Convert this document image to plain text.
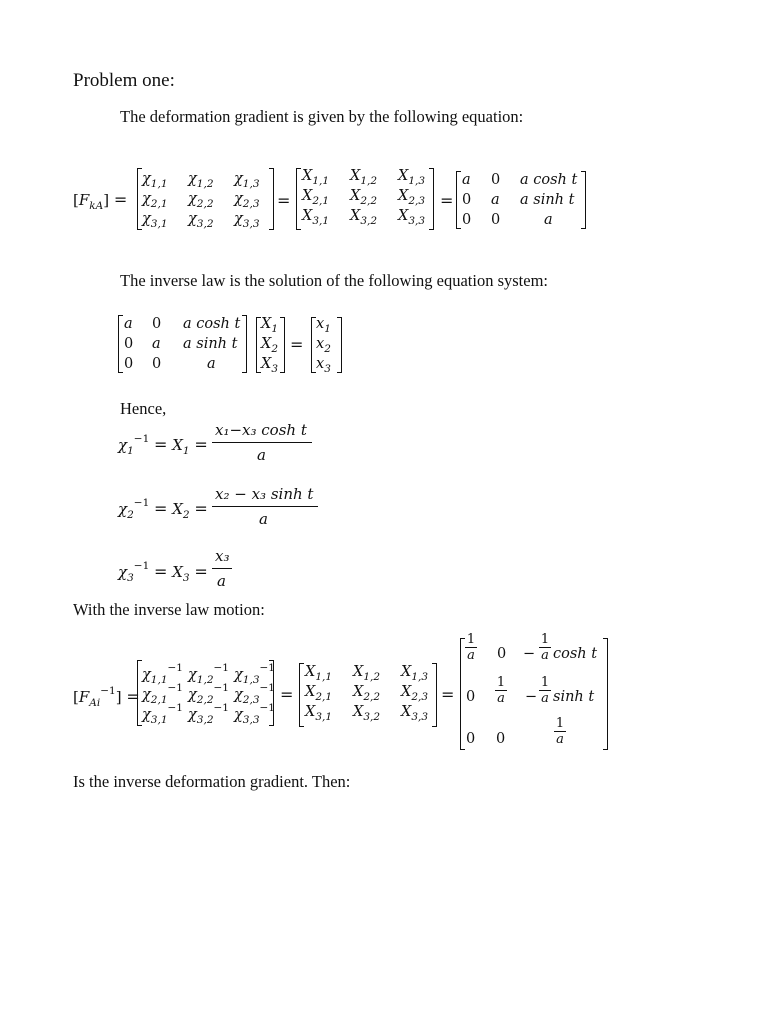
Problem one:
The deformation gradient is given by the following equation:
$[F_{kA}]$ =
$\chi_{1,1}$ $\chi_{1,2}$ $\chi_{1,3}$
$\chi_{2,1}$ $\chi_{2,2}$ $\chi_{2,3}$
$\chi_{3,1}$ $\chi_{3,2}$ $\chi_{3,3}$
=
$X_{1,1}$ $X_{1,2}$ $X_{1,3}$
$X_{2,1}$ $X_{2,2}$ $X_{2,3}$
$X_{3,1}$ $X_{3,2}$ $X_{3,3}$
=
a 0 a cosh t
0 a a sinh t
0 0	a
The inverse law is the solution of the following equation system:
a 0 a cosh t
0 a a sinh t
0 0	a
$X_1$
$X_2$
$X_3$
=
$x_1$
$x_2$
$x_3$
Hence,
$\chi_1^{-1} = X_1$ =
x₁−x₃ cosh t
a
$\chi_2^{-1} = X_2$ =
x₂ − x₃ sinh t
a
$\chi_3^{-1} = X_3$ =
x₃
a
With the inverse law motion:
$[F_{Ai}^{-1}]$ =
$\chi_{1,1}^{-1}$ $\chi_{1,2}^{-1}$ $\chi_{1,3}^{-1}$
$\chi_{2,1}^{-1}$ $\chi_{2,2}^{-1}$ $\chi_{2,3}^{-1}$
$\chi_{3,1}^{-1}$ $\chi_{3,2}^{-1}$ $\chi_{3,3}^{-1}$
=
$X_{1,1}$ $X_{1,2}$ $X_{1,3}$
$X_{2,1}$ $X_{2,2}$ $X_{2,3}$
$X_{3,1}$ $X_{3,2}$ $X_{3,3}$
=
1
a 0 −
1
a cosh t
0
1
a −
1
a sinh t
0 0
1
a
Is the inverse deformation gradient. Then:
